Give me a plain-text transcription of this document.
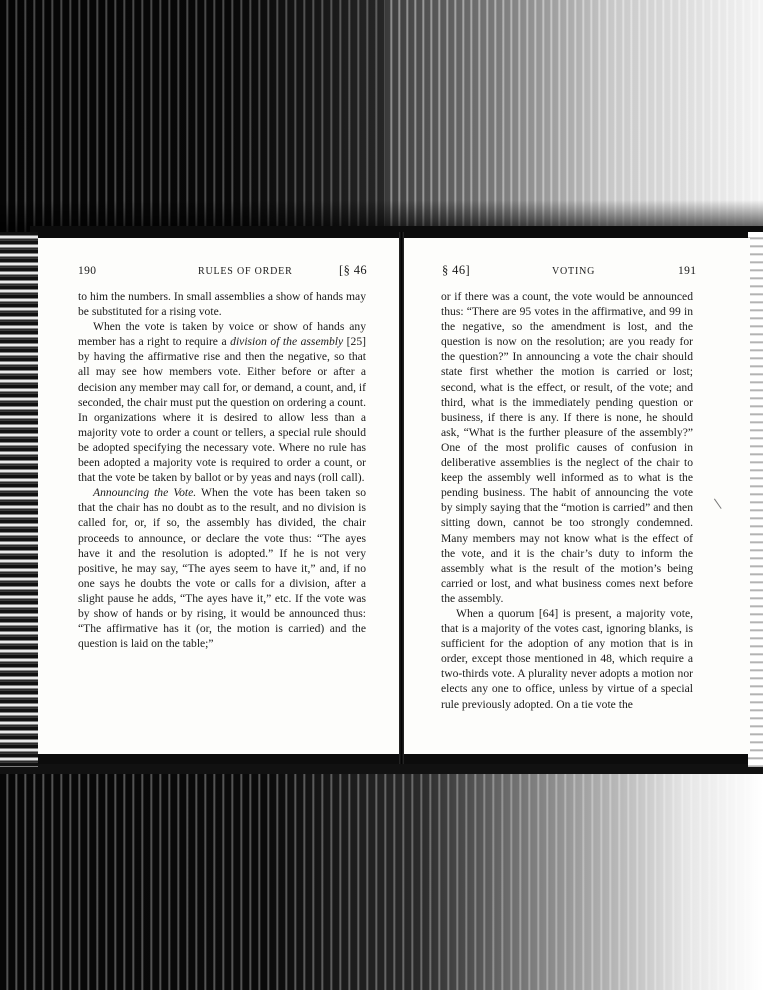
190	RULES OF ORDER	[§ 46

to him the numbers. In small assemblies a show of hands may be substituted for a rising vote.

When the vote is taken by voice or show of hands any member has a right to require a division of the assembly [25] by having the affirmative rise and then the negative, so that all may see how members vote. Either before or after a decision any member may call for, or demand, a count, and, if seconded, the chair must put the question on ordering a count. In organizations where it is desired to allow less than a majority vote to order a count or tellers, a special rule should be adopted specifying the necessary vote. Where no rule has been adopted a majority vote is required to order a count, or that the vote be taken by ballot or by yeas and nays (roll call).

Announcing the Vote. When the vote has been taken so that the chair has no doubt as to the result, and no division is called for, or, if so, the assembly has divided, the chair proceeds to announce, or declare the vote thus: “The ayes have it and the resolution is adopted.” If he is not very positive, he may say, “The ayes seem to have it,” and, if no one says he doubts the vote or calls for a division, after a slight pause he adds, “The ayes have it,” etc. If the vote was by show of hands or by rising, it would be announced thus: “The affirmative has it (or, the motion is carried) and the question is laid on the table;”

§ 46]	VOTING	191

or if there was a count, the vote would be announced thus: “There are 95 votes in the affirmative, and 99 in the negative, so the amendment is lost, and the question is now on the resolution; are you ready for the question?” In announcing a vote the chair should state first whether the motion is carried or lost; second, what is the effect, or result, of the vote; and third, what is the immediately pending question or business, if there is any. If there is none, he should ask, “What is the further pleasure of the assembly?” One of the most prolific causes of confusion in deliberative assemblies is the neglect of the chair to keep the assembly well informed as to what is the pending business. The habit of announcing the vote by simply saying that the “motion is carried” and then sitting down, cannot be too strongly condemned. Many members may not know what is the effect of the vote, and it is the chair’s duty to inform the assembly what is the result of the motion’s being carried or lost, and what business comes next before the assembly.

When a quorum [64] is present, a majority vote, that is a majority of the votes cast, ignoring blanks, is sufficient for the adoption of any motion that is in order, except those mentioned in 48, which require a two-thirds vote. A plurality never adopts a motion nor elects any one to office, unless by virtue of a special rule previously adopted. On a tie vote the
